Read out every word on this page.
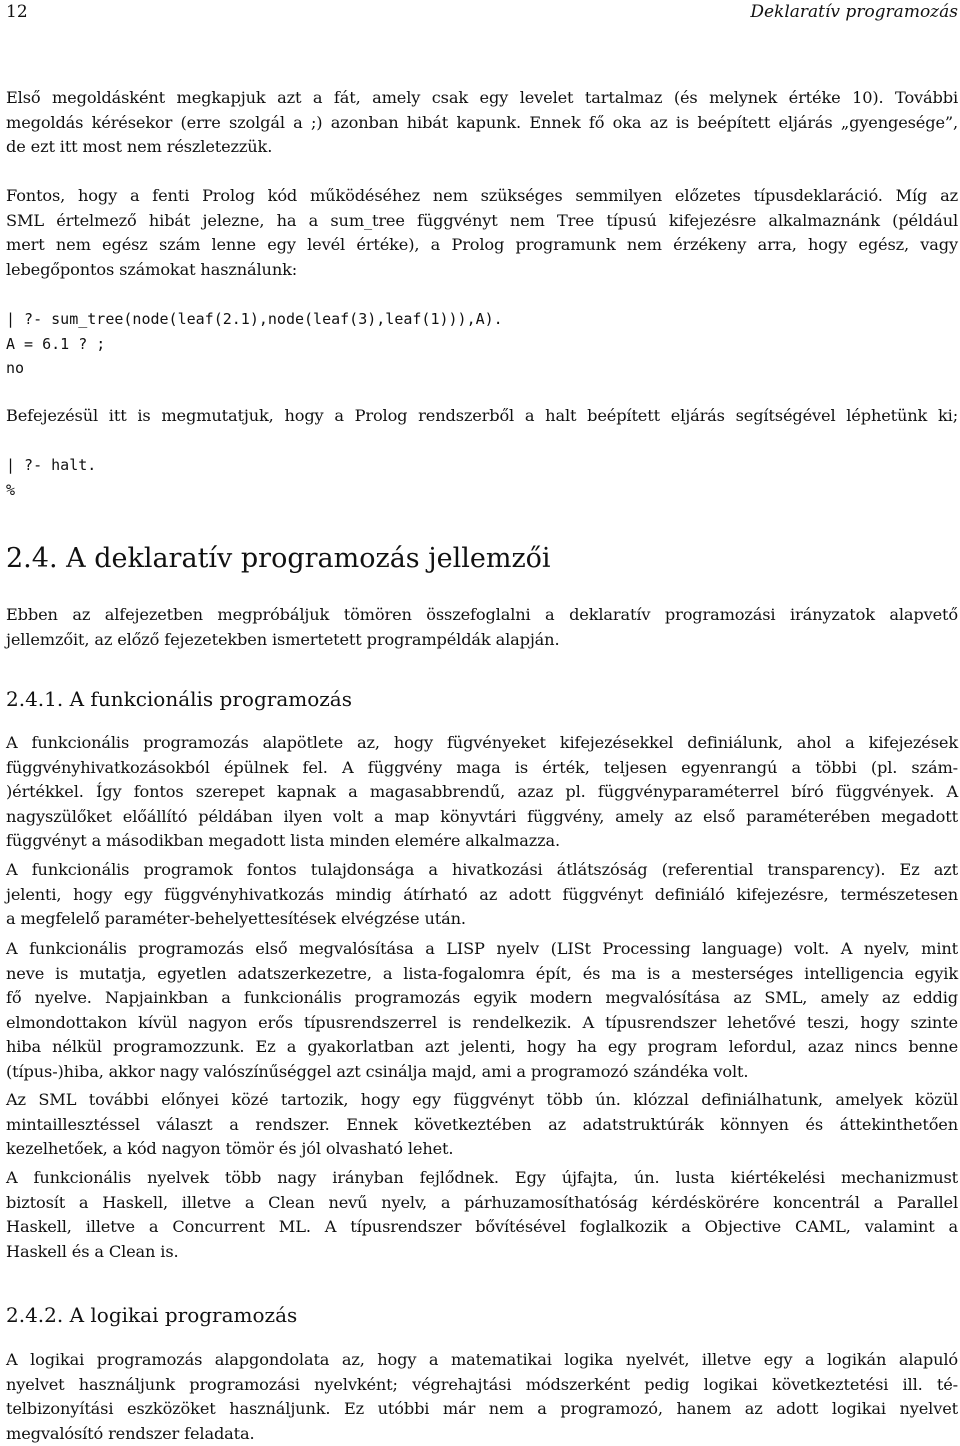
12	Deklaratív programozás

Első megoldásként megkapjuk azt a fát, amely csak egy levelet tartalmaz (és melynek értéke 10). További
megoldás kérésekor (erre szolgál a ;) azonban hibát kapunk. Ennek fő oka az is beépített eljárás „gyengesége”,
de ezt itt most nem részletezzük.

Fontos, hogy a fenti Prolog kód működéséhez nem szükséges semmilyen előzetes típusdeklaráció. Míg az
SML értelmező hibát jelezne, ha a sum_tree függvényt nem Tree típusú kifejezésre alkalmaznánk (például
mert nem egész szám lenne egy levél értéke), a Prolog programunk nem érzékeny arra, hogy egész, vagy
lebegőpontos számokat használunk:

| ?- sum_tree(node(leaf(2.1),node(leaf(3),leaf(1))),A).
A = 6.1 ? ;
no

Befejezésül itt is megmutatjuk, hogy a Prolog rendszerből a halt beépített eljárás segítségével léphetünk ki;

| ?- halt.
%
2.4. A deklaratív programozás jellemzői

Ebben az alfejezetben megpróbáljuk tömören összefoglalni a deklaratív programozási irányzatok alapvető
jellemzőit, az előző fejezetekben ismertetett programpéldák alapján.

2.4.1. A funkcionális programozás

A funkcionális programozás alapötlete az, hogy fügvényeket kifejezésekkel definiálunk, ahol a kifejezések
függvényhivatkozásokból épülnek fel. A függvény maga is érték, teljesen egyenrangú a többi (pl. szám-
)értékkel. Így fontos szerepet kapnak a magasabbrendű, azaz pl. függvényparaméterrel bíró függvények. A
nagyszülőket előállító példában ilyen volt a map könyvtári függvény, amely az első paraméterében megadott
függvényt a másodikban megadott lista minden elemére alkalmazza.

A funkcionális programok fontos tulajdonsága a hivatkozási átlátszóság (referential transparency). Ez azt
jelenti, hogy egy függvényhivatkozás mindig átírható az adott függvényt definiáló kifejezésre, természetesen
a megfelelő paraméter-behelyettesítések elvégzése után.

A funkcionális programozás első megvalósítása a LISP nyelv (LISt Processing language) volt. A nyelv, mint
neve is mutatja, egyetlen adatszerkezetre, a lista-fogalomra épít, és ma is a mesterséges intelligencia egyik
fő nyelve. Napjainkban a funkcionális programozás egyik modern megvalósítása az SML, amely az eddig
elmondottakon kívül nagyon erős típusrendszerrel is rendelkezik. A típusrendszer lehetővé teszi, hogy szinte
hiba nélkül programozzunk. Ez a gyakorlatban azt jelenti, hogy ha egy program lefordul, azaz nincs benne
(típus-)hiba, akkor nagy valószínűséggel azt csinálja majd, ami a programozó szándéka volt.

Az SML további előnyei közé tartozik, hogy egy függvényt több ún. klózzal definiálhatunk, amelyek közül
mintaillesztéssel választ a rendszer. Ennek következtében az adatstruktúrák könnyen és áttekinthetően
kezelhetőek, a kód nagyon tömör és jól olvasható lehet.

A funkcionális nyelvek több nagy irányban fejlődnek. Egy újfajta, ún. lusta kiértékelési mechanizmust
biztosít a Haskell, illetve a Clean nevű nyelv, a párhuzamosíthatóság kérdéskörére koncentrál a Parallel
Haskell, illetve a Concurrent ML. A típusrendszer bővítésével foglalkozik a Objective CAML, valamint a
Haskell és a Clean is.

2.4.2. A logikai programozás

A logikai programozás alapgondolata az, hogy a matematikai logika nyelvét, illetve egy a logikán alapuló
nyelvet használjunk programozási nyelvként; végrehajtási módszerként pedig logikai következtetési ill. té-
telbizonyítási eszközöket használjunk. Ez utóbbi már nem a programozó, hanem az adott logikai nyelvet
megvalósító rendszer feladata.
